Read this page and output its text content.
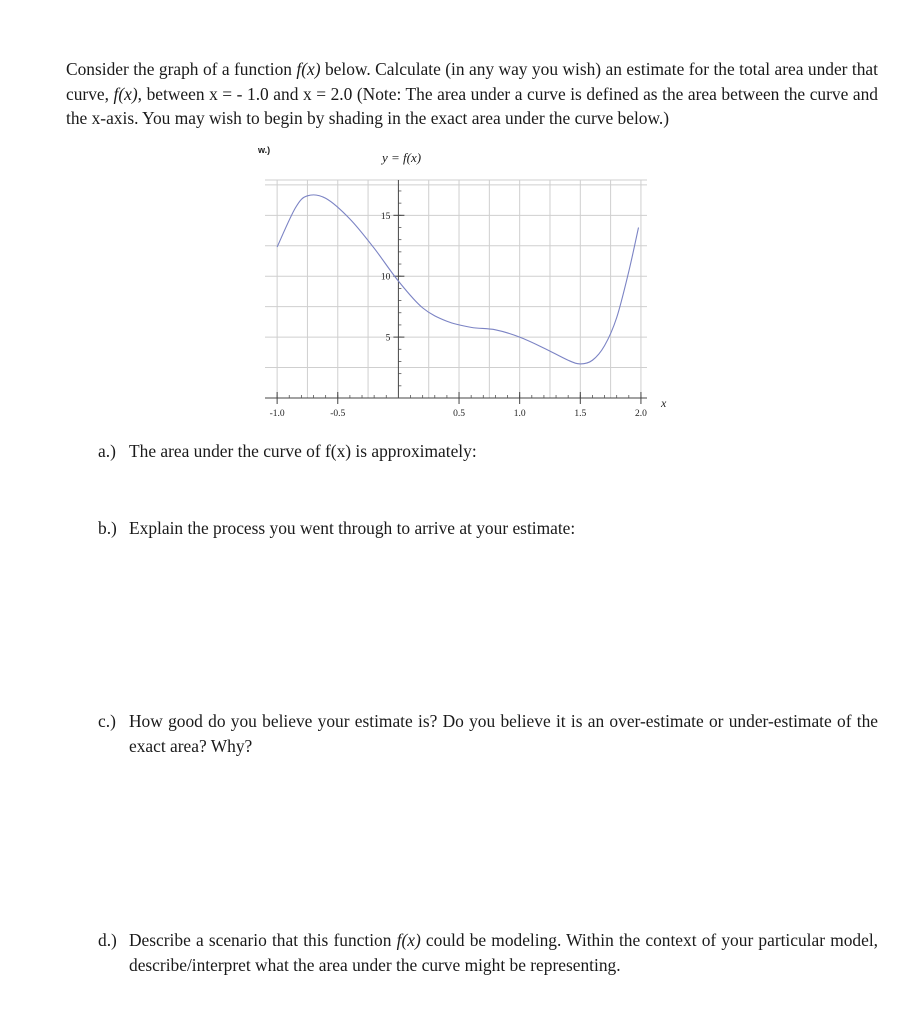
Consider the graph of a function f(x) below. Calculate (in any way you wish) an estimate for the total area under that curve, f(x), between x = - 1.0 and x = 2.0 (Note: The area under a curve is defined as the area between the curve and the x-axis. You may wish to begin by shading in the exact area under the curve below.)
w.)	y = f(x)
-1.0	-0.5	0.5	1.0	1.5	2.0
5
10
15
x
a.) The area under the curve of f(x) is approximately:
b.) Explain the process you went through to arrive at your estimate:
c.) How good do you believe your estimate is? Do you believe it is an over-estimate or under-estimate of the exact area? Why?
d.) Describe a scenario that this function f(x) could be modeling. Within the context of your particular model, describe/interpret what the area under the curve might be representing.
